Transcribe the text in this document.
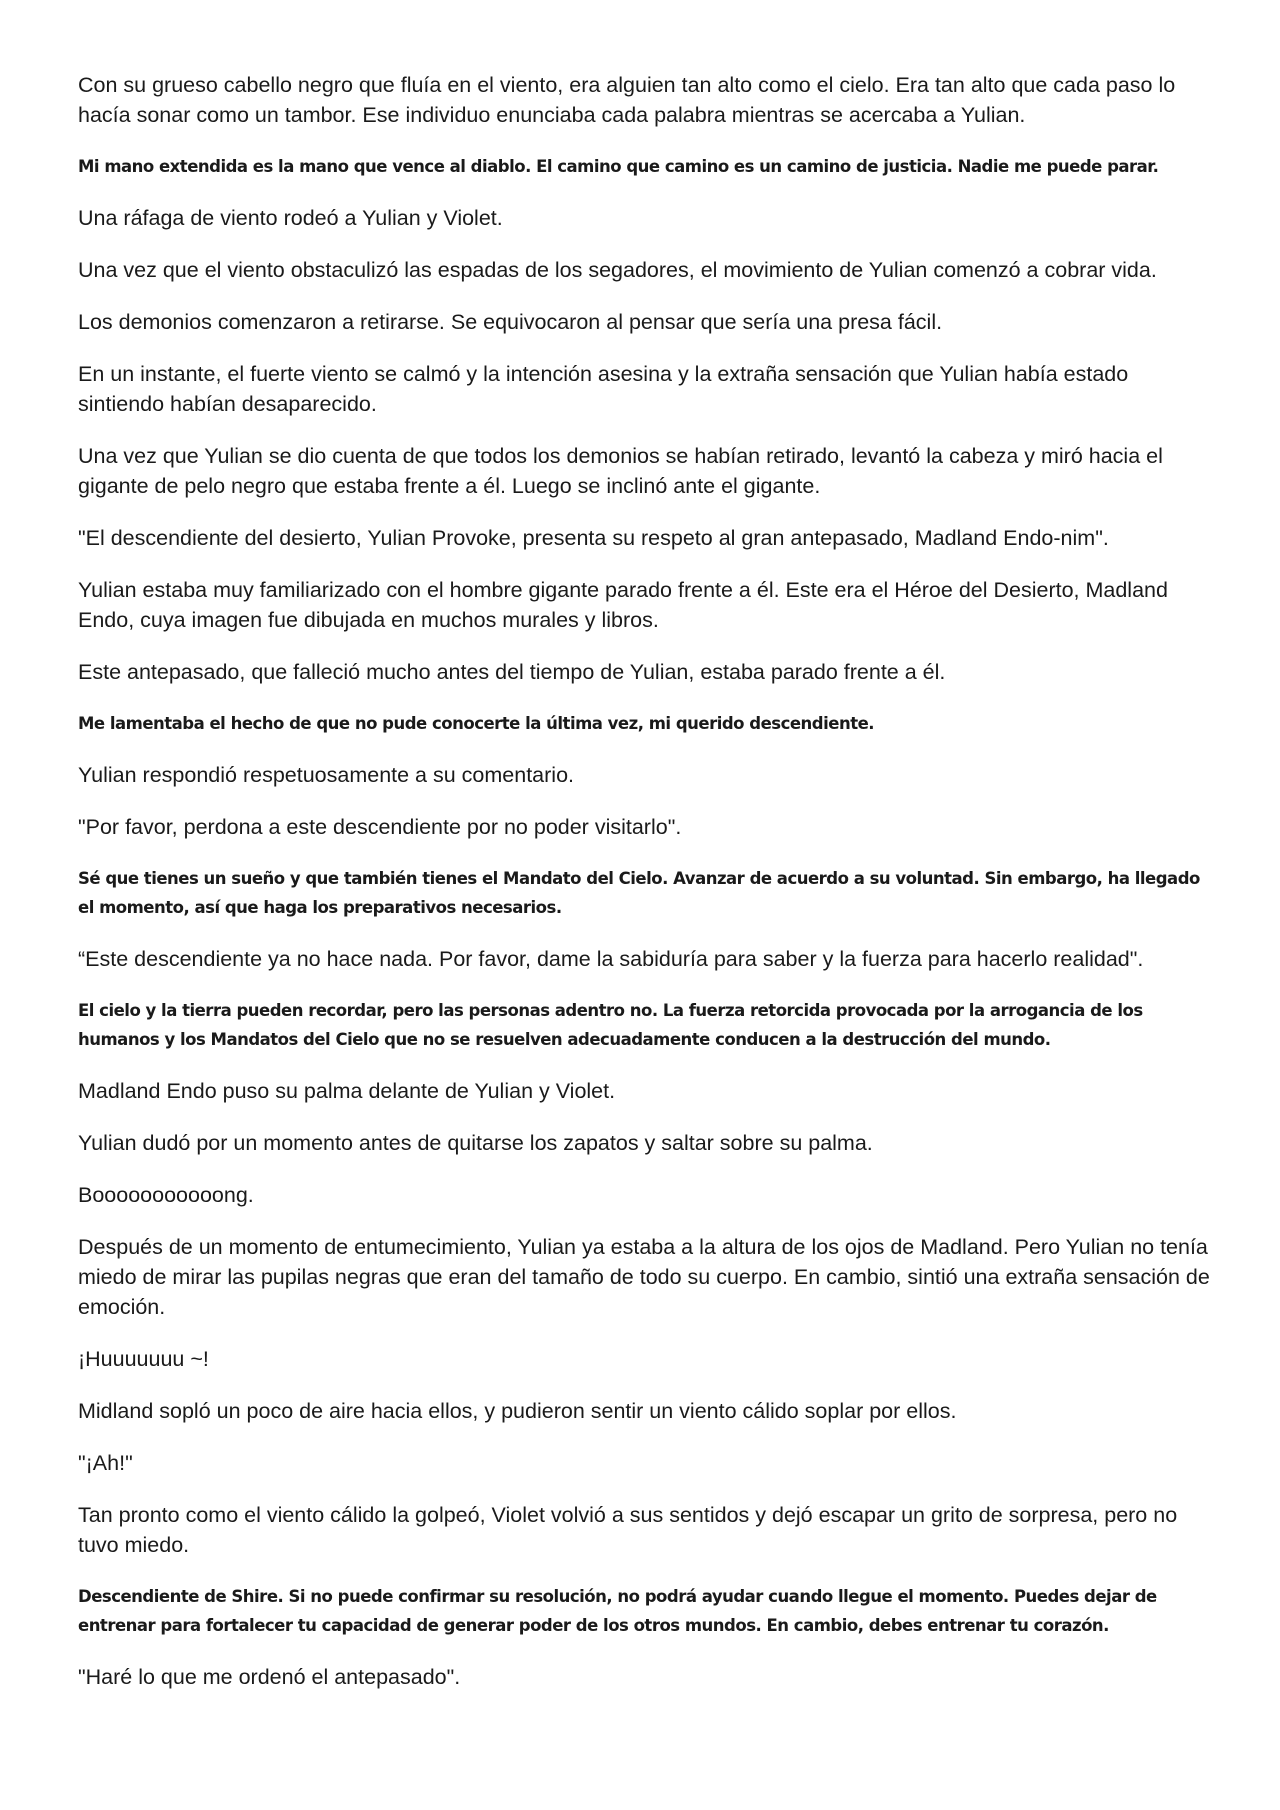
Con su grueso cabello negro que fluía en el viento, era alguien tan alto como el cielo. Era tan alto que cada paso lo hacía sonar como un tambor. Ese individuo enunciaba cada palabra mientras se acercaba a Yulian.

Mi mano extendida es la mano que vence al diablo. El camino que camino es un camino de justicia. Nadie me puede parar.

Una ráfaga de viento rodeó a Yulian y Violet.

Una vez que el viento obstaculizó las espadas de los segadores, el movimiento de Yulian comenzó a cobrar vida.

Los demonios comenzaron a retirarse. Se equivocaron al pensar que sería una presa fácil.

En un instante, el fuerte viento se calmó y la intención asesina y la extraña sensación que Yulian había estado sintiendo habían desaparecido.

Una vez que Yulian se dio cuenta de que todos los demonios se habían retirado, levantó la cabeza y miró hacia el gigante de pelo negro que estaba frente a él. Luego se inclinó ante el gigante.

"El descendiente del desierto, Yulian Provoke, presenta su respeto al gran antepasado, Madland Endo-nim".

Yulian estaba muy familiarizado con el hombre gigante parado frente a él. Este era el Héroe del Desierto, Madland Endo, cuya imagen fue dibujada en muchos murales y libros.

Este antepasado, que falleció mucho antes del tiempo de Yulian, estaba parado frente a él.

Me lamentaba el hecho de que no pude conocerte la última vez, mi querido descendiente.

Yulian respondió respetuosamente a su comentario.

"Por favor, perdona a este descendiente por no poder visitarlo".

Sé que tienes un sueño y que también tienes el Mandato del Cielo. Avanzar de acuerdo a su voluntad. Sin embargo, ha llegado el momento, así que haga los preparativos necesarios.

“Este descendiente ya no hace nada. Por favor, dame la sabiduría para saber y la fuerza para hacerlo realidad".

El cielo y la tierra pueden recordar, pero las personas adentro no. La fuerza retorcida provocada por la arrogancia de los humanos y los Mandatos del Cielo que no se resuelven adecuadamente conducen a la destrucción del mundo.

Madland Endo puso su palma delante de Yulian y Violet.

Yulian dudó por un momento antes de quitarse los zapatos y saltar sobre su palma.

Booooooooooong.

Después de un momento de entumecimiento, Yulian ya estaba a la altura de los ojos de Madland. Pero Yulian no tenía miedo de mirar las pupilas negras que eran del tamaño de todo su cuerpo. En cambio, sintió una extraña sensación de emoción.

¡Huuuuuuu ~!

Midland sopló un poco de aire hacia ellos, y pudieron sentir un viento cálido soplar por ellos.

"¡Ah!"

Tan pronto como el viento cálido la golpeó, Violet volvió a sus sentidos y dejó escapar un grito de sorpresa, pero no tuvo miedo.

Descendiente de Shire. Si no puede confirmar su resolución, no podrá ayudar cuando llegue el momento. Puedes dejar de entrenar para fortalecer tu capacidad de generar poder de los otros mundos. En cambio, debes entrenar tu corazón.

"Haré lo que me ordenó el antepasado".
